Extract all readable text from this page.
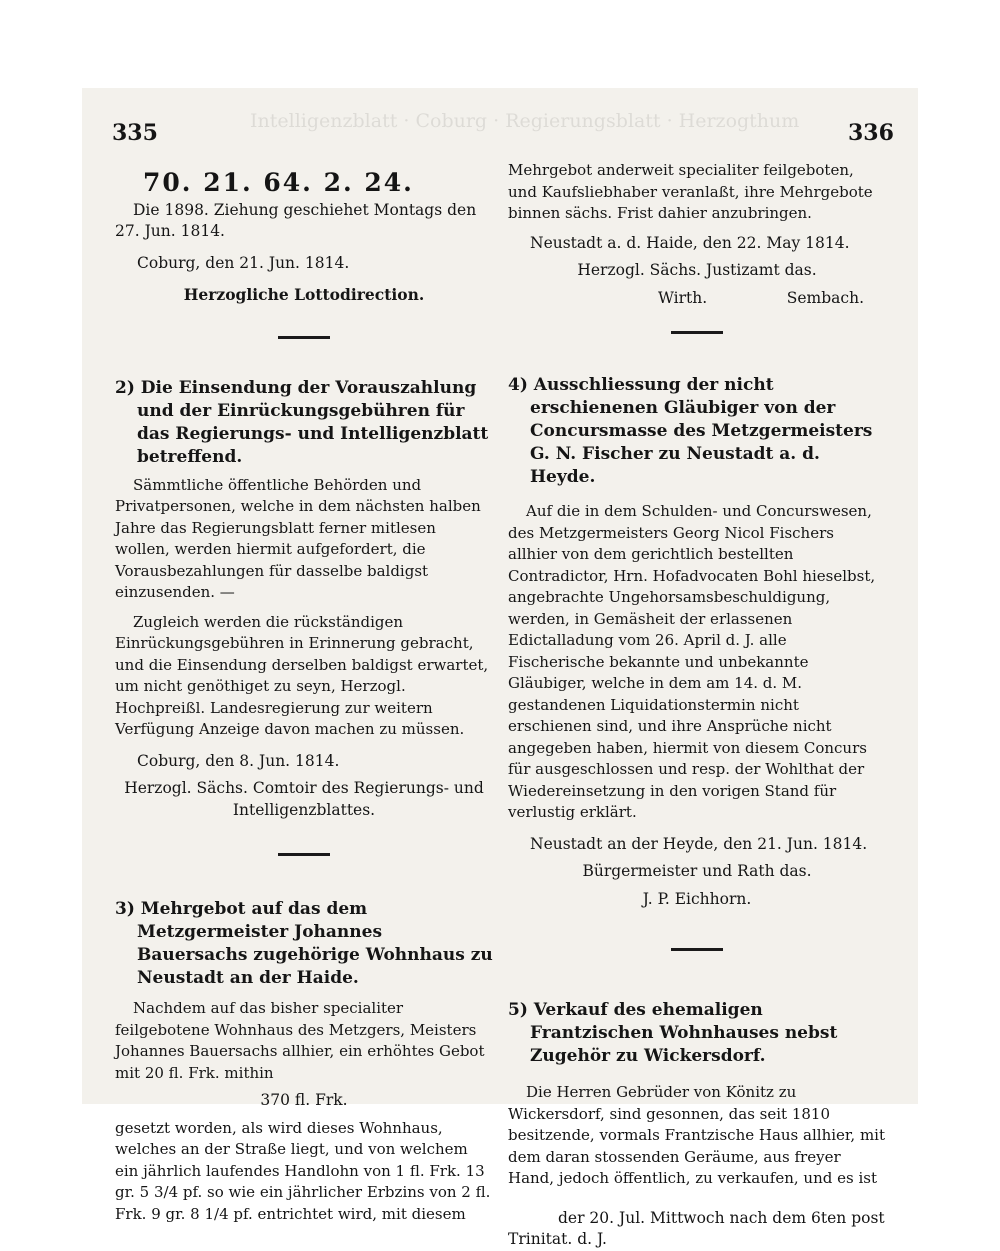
Intelligenzblatt · Coburg · Regierungsblatt · Herzogthum
335	336
70. 21. 64. 2. 24.

Die 1898. Ziehung geschiehet Montags den 27. Jun. 1814.

Coburg, den 21. Jun. 1814.

Herzogliche Lottodirection.

2) Die Einsendung der Vorauszahlung und der Einrückungsgebühren für das Regierungs- und Intelligenzblatt betreffend.

Sämmtliche öffentliche Behörden und Privatpersonen, welche in dem nächsten halben Jahre das Regierungsblatt ferner mitlesen wollen, werden hiermit aufgefordert, die Vorausbezahlungen für dasselbe baldigst einzusenden. —

Zugleich werden die rückständigen Einrückungsgebühren in Erinnerung gebracht, und die Einsendung derselben baldigst erwartet, um nicht genöthiget zu seyn, Herzogl. Hochpreißl. Landesregierung zur weitern Verfügung Anzeige davon machen zu müssen.

Coburg, den 8. Jun. 1814.

Herzogl. Sächs. Comtoir des Regierungs- und Intelligenzblattes.

3) Mehrgebot auf das dem Metzgermeister Johannes Bauersachs zugehörige Wohnhaus zu Neustadt an der Haide.

Nachdem auf das bisher specialiter feilgebotene Wohnhaus des Metzgers, Meisters Johannes Bauersachs allhier, ein erhöhtes Gebot mit 20 fl. Frk. mithin

370 fl. Frk.

gesetzt worden, als wird dieses Wohnhaus, welches an der Straße liegt, und von welchem ein jährlich laufendes Handlohn von 1 fl. Frk. 13 gr. 5 3/4 pf. so wie ein jährlicher Erbzins von 2 fl. Frk. 9 gr. 8 1/4 pf. entrichtet wird, mit diesem

Mehrgebot anderweit specialiter feilgeboten, und Kaufsliebhaber veranlaßt, ihre Mehrgebote binnen sächs. Frist dahier anzubringen.

Neustadt a. d. Haide, den 22. May 1814.

Herzogl. Sächs. Justizamt das.

Wirth.	Sembach.

4) Ausschliessung der nicht erschienenen Gläubiger von der Concursmasse des Metzgermeisters G. N. Fischer zu Neustadt a. d. Heyde.

Auf die in dem Schulden- und Concurswesen, des Metzgermeisters Georg Nicol Fischers allhier von dem gerichtlich bestellten Contradictor, Hrn. Hofadvocaten Bohl hieselbst, angebrachte Ungehorsamsbeschuldigung, werden, in Gemäsheit der erlassenen Edictalladung vom 26. April d. J. alle Fischerische bekannte und unbekannte Gläubiger, welche in dem am 14. d. M. gestandenen Liquidationstermin nicht erschienen sind, und ihre Ansprüche nicht angegeben haben, hiermit von diesem Concurs für ausgeschlossen und resp. der Wohlthat der Wiedereinsetzung in den vorigen Stand für verlustig erklärt.

Neustadt an der Heyde, den 21. Jun. 1814.

Bürgermeister und Rath das.

J. P. Eichhorn.

5) Verkauf des ehemaligen Frantzischen Wohnhauses nebst Zugehör zu Wickersdorf.

Die Herren Gebrüder von Könitz zu Wickersdorf, sind gesonnen, das seit 1810 besitzende, vormals Frantzische Haus allhier, mit dem daran stossenden Geräume, aus freyer Hand, jedoch öffentlich, zu verkaufen, und es ist

der 20. Jul. Mittwoch nach dem 6ten post Trinitat. d. J.
